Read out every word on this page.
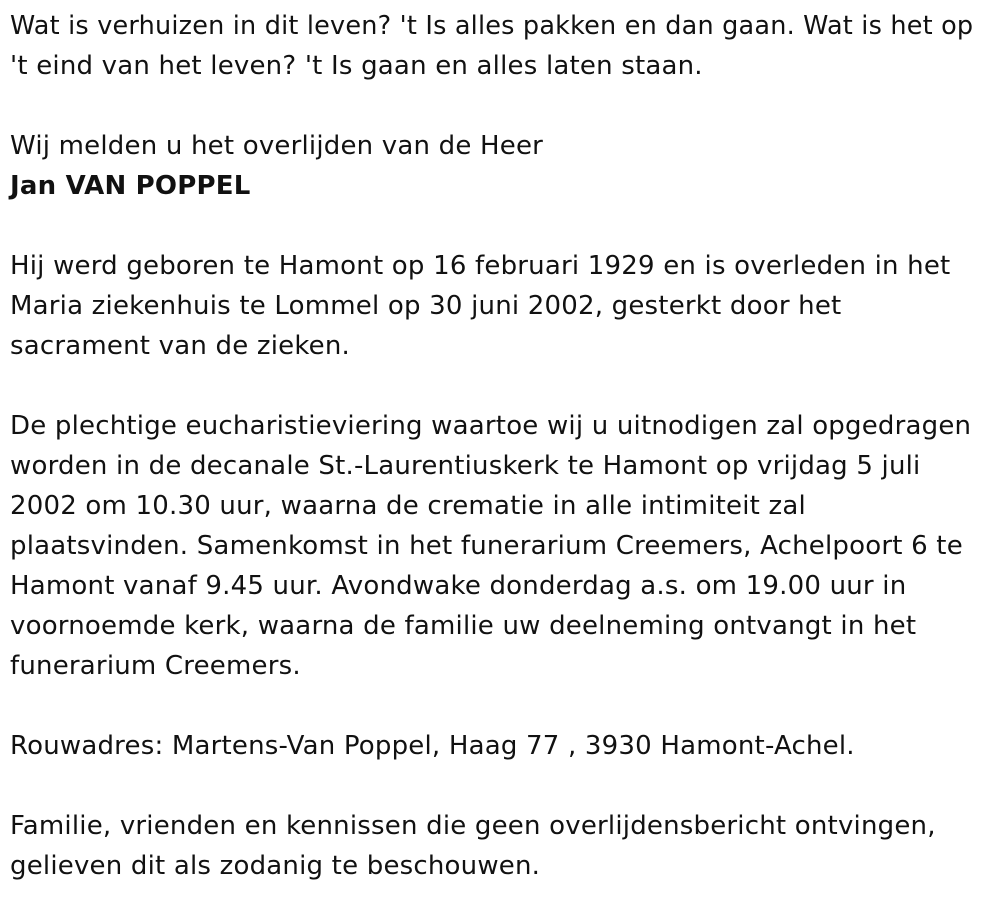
Wat is verhuizen in dit leven? 't Is alles pakken en dan gaan. Wat is het op
't eind van het leven? 't Is gaan en alles laten staan.
Wij melden u het overlijden van de Heer
Jan VAN POPPEL
Hij werd geboren te Hamont op 16 februari 1929 en is overleden in het
Maria ziekenhuis te Lommel op 30 juni 2002, gesterkt door het
sacrament van de zieken.
De plechtige eucharistieviering waartoe wij u uitnodigen zal opgedragen
worden in de decanale St.-Laurentiuskerk te Hamont op vrijdag 5 juli
2002 om 10.30 uur, waarna de crematie in alle intimiteit zal
plaatsvinden. Samenkomst in het funerarium Creemers, Achelpoort 6 te
Hamont vanaf 9.45 uur. Avondwake donderdag a.s. om 19.00 uur in
voornoemde kerk, waarna de familie uw deelneming ontvangt in het
funerarium Creemers.
Rouwadres: Martens-Van Poppel, Haag 77 , 3930 Hamont-Achel.
Familie, vrienden en kennissen die geen overlijdensbericht ontvingen,
gelieven dit als zodanig te beschouwen.
